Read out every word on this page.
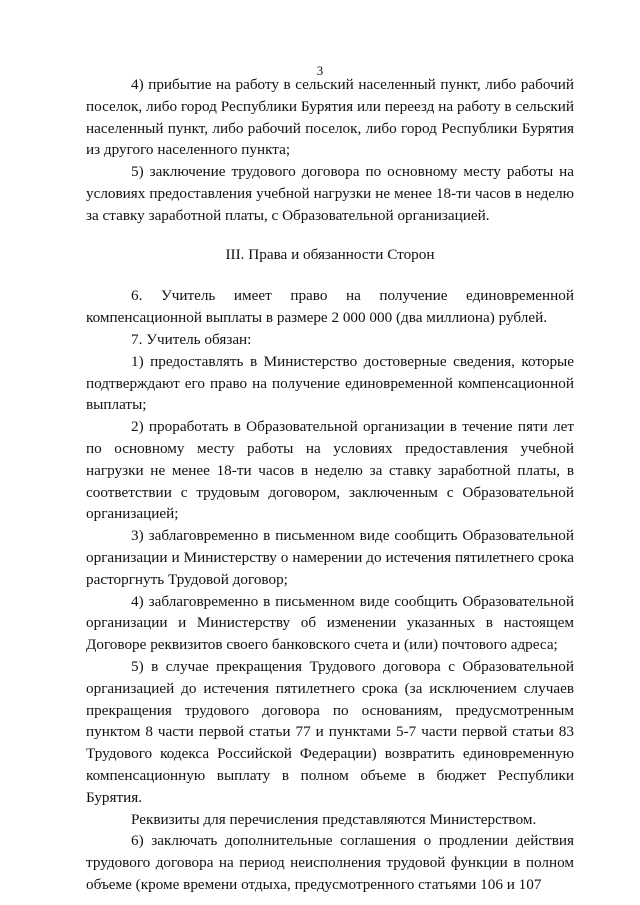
3

4) прибытие на работу в сельский населенный пункт, либо рабочий поселок, либо город Республики Бурятия или переезд на работу в сельский населенный пункт, либо рабочий поселок, либо город Республики Бурятия из другого населенного пункта;

5) заключение трудового договора по основному месту работы на условиях предоставления учебной нагрузки не менее 18-ти часов в неделю за ставку заработной платы, с Образовательной организацией.

III. Права и обязанности Сторон

6. Учитель имеет право на получение единовременной компенсационной выплаты в размере 2 000 000 (два миллиона) рублей.

7. Учитель обязан:

1) предоставлять в Министерство достоверные сведения, которые подтверждают его право на получение единовременной компенсационной выплаты;

2) проработать в Образовательной организации в течение пяти лет по основному месту работы на условиях предоставления учебной нагрузки не менее 18-ти часов в неделю за ставку заработной платы, в соответствии с трудовым договором, заключенным с Образовательной организацией;

3) заблаговременно в письменном виде сообщить Образовательной организации и Министерству о намерении до истечения пятилетнего срока расторгнуть Трудовой договор;

4) заблаговременно в письменном виде сообщить Образовательной организации и Министерству об изменении указанных в настоящем Договоре реквизитов своего банковского счета и (или) почтового адреса;

5) в случае прекращения Трудового договора с Образовательной организацией до истечения пятилетнего срока (за исключением случаев прекращения трудового договора по основаниям, предусмотренным пунктом 8 части первой статьи 77 и пунктами 5-7 части первой статьи 83 Трудового кодекса Российской Федерации) возвратить единовременную компенсационную выплату в полном объеме в бюджет Республики Бурятия.

Реквизиты для перечисления представляются Министерством.

6) заключать дополнительные соглашения о продлении действия трудового договора на период неисполнения трудовой функции в полном объеме (кроме времени отдыха, предусмотренного статьями 106 и 107
